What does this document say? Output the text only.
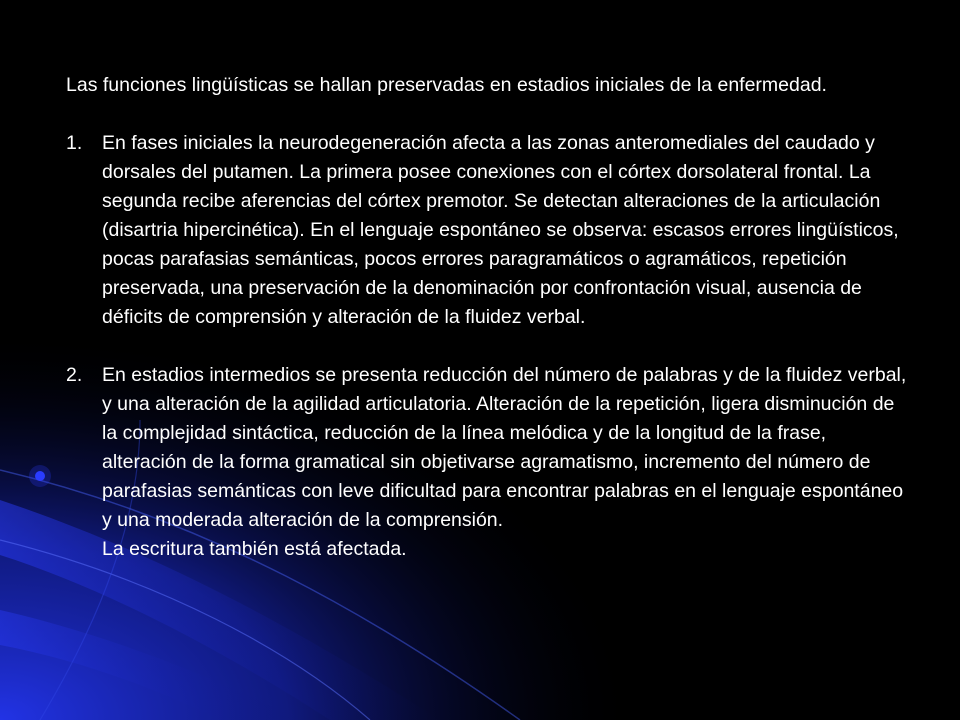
Las funciones lingüísticas se hallan preservadas en estadios iniciales de la enfermedad.

1. En fases iniciales la neurodegeneración afecta a las zonas anteromediales del caudado y dorsales del putamen. La primera posee conexiones con el córtex dorsolateral frontal. La segunda recibe aferencias del córtex premotor. Se detectan alteraciones de la articulación (disartria hipercinética). En el lenguaje espontáneo se observa: escasos errores lingüísticos, pocas parafasias semánticas, pocos errores paragramáticos o agramáticos, repetición preservada, una preservación de la denominación por confrontación visual, ausencia de déficits de comprensión y alteración de la fluidez verbal.
2. En estadios intermedios se presenta reducción del número de palabras y de la fluidez verbal, y una alteración de la agilidad articulatoria. Alteración de la repetición, ligera disminución de la complejidad sintáctica, reducción de la línea melódica y de la longitud de la frase, alteración de la forma gramatical sin objetivarse agramatismo, incremento del número de parafasias semánticas con leve dificultad para encontrar palabras en el lenguaje espontáneo y una moderada alteración de la comprensión.
La escritura también está afectada.
